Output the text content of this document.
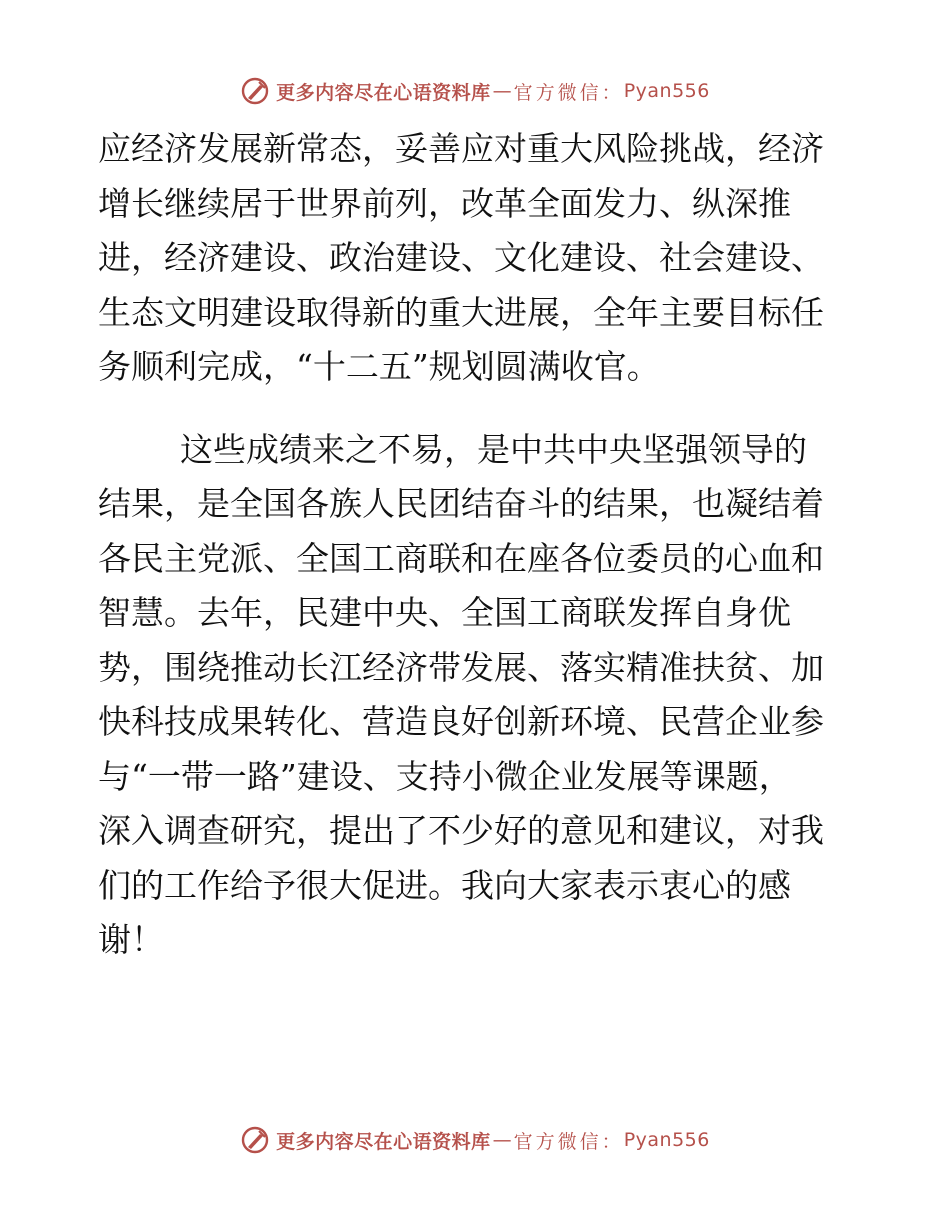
更多内容尽在心语资料库 — 官方微信： Pyan556
应经济发展新常态，妥善应对重大风险挑战，经济
增长继续居于世界前列，改革全面发力、纵深推
进，经济建设、政治建设、文化建设、社会建设、
生态文明建设取得新的重大进展，全年主要目标任
务顺利完成，“十二五”规划圆满收官。
这些成绩来之不易，是中共中央坚强领导的
结果，是全国各族人民团结奋斗的结果，也凝结着
各民主党派、全国工商联和在座各位委员的心血和
智慧。去年，民建中央、全国工商联发挥自身优
势，围绕推动长江经济带发展、落实精准扶贫、加
快科技成果转化、营造良好创新环境、民营企业参
与“一带一路”建设、支持小微企业发展等课题，
深入调查研究，提出了不少好的意见和建议，对我
们的工作给予很大促进。我向大家表示衷心的感
谢！
更多内容尽在心语资料库 — 官方微信： Pyan556
